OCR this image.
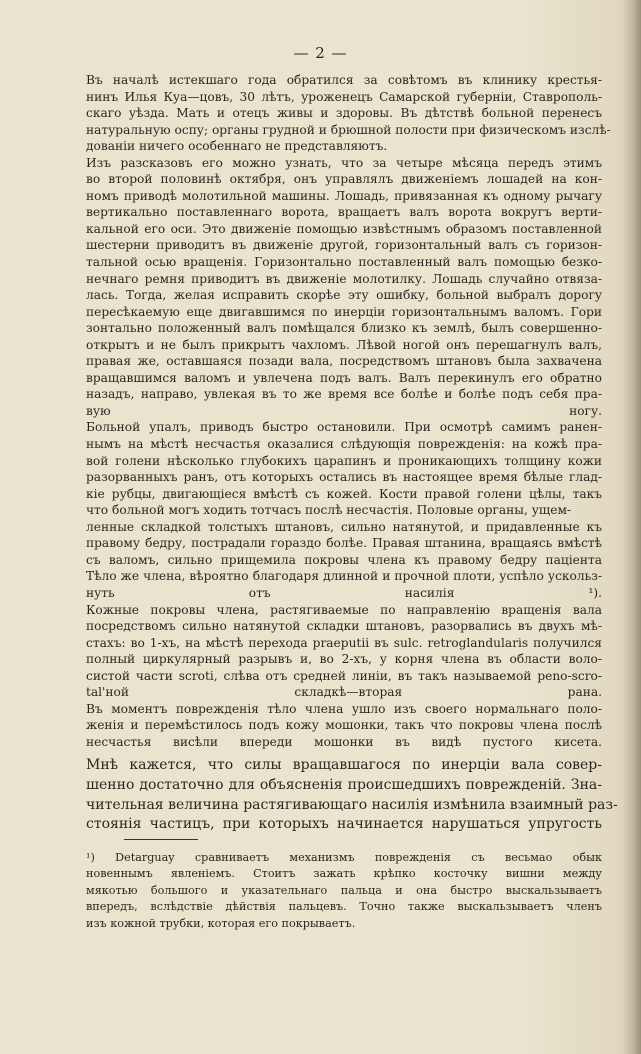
— 2 —

Въ началѣ истекшаго года обратился за совѣтомъ въ клинику крестья-
нинъ Илья Куа—цовъ, 30 лѣтъ, уроженецъ Самарской губерніи, Ставрополь-
скаго уѣзда. Мать и отецъ живы и здоровы. Въ дѣтствѣ больной перенесъ
натуральную оспу; органы грудной и брюшной полости при физическомъ изслѣ-
дованіи ничего особеннаго не представляютъ.

Изъ разсказовъ его можно узнать, что за четыре мѣсяца передъ этимъ
во второй половинѣ октября, онъ управлялъ движеніемъ лошадей на кон-
номъ приводѣ молотильной машины. Лошадь, привязанная къ одному рычагу
вертикально поставленнаго ворота, вращаетъ валъ ворота вокругъ верти-
кальной его оси. Это движеніе помощью извѣстнымъ образомъ поставленной
шестерни приводитъ въ движеніе другой, горизонтальный валъ съ горизон-
тальной осью вращенія. Горизонтально поставленный валъ помощью безко-
нечнаго ремня приводитъ въ движеніе молотилку. Лошадь случайно отвяза-
лась. Тогда, желая исправить скорѣе эту ошибку, больной выбралъ дорогу
пересѣкаемую еще двигавшимся по инерціи горизонтальнымъ валомъ. Гори
зонтально положенный валъ помѣщался близко къ землѣ, былъ совершенно-
открытъ и не былъ прикрытъ чахломъ. Лѣвой ногой онъ перешагнулъ валъ,
правая же, оставшаяся позади вала, посредствомъ штановъ была захвачена
вращавшимся валомъ и увлечена подъ валъ. Валъ перекинулъ его обратно
назадъ, направо, увлекая въ то же время все болѣе и болѣе подъ себя пра-
вую ногу.
Больной упалъ, приводъ быстро остановили. При осмотрѣ самимъ ранен-
нымъ на мѣстѣ несчастья оказалися слѣдующія поврежденія: на кожѣ пра-
вой голени нѣсколько глубокихъ царапинъ и проникающихъ толщину кожи
разорванныхъ ранъ, отъ которыхъ остались въ настоящее время бѣлые глад-
кіе рубцы, двигающіеся вмѣстѣ съ кожей. Кости правой голени цѣлы, такъ
что больной могъ ходить тотчасъ послѣ несчастія. Половые органы, ущем-

ленные складкой толстыхъ штановъ, сильно натянутой, и придавленные къ
правому бедру, пострадали гораздо болѣе. Правая штанина, вращаясь вмѣстѣ
съ валомъ, сильно прищемила покровы члена къ правому бедру паціента
Тѣло же члена, вѣроятно благодаря длинной и прочной плоти, успѣло ускольз-
нуть отъ насилія ¹).
Кожные покровы члена, растягиваемые по направленію вращенія вала
посредствомъ сильно натянутой складки штановъ, разорвались въ двухъ мѣ-
стахъ: во 1-хъ, на мѣстѣ перехода praeputii въ sulc. retroglandularis получился
полный циркулярный разрывъ и, во 2-хъ, у корня члена въ области воло-
систой части scroti, слѣва отъ средней линіи, въ такъ называемой peno-scro-
tal'ной складкѣ—вторая рана.

Въ моментъ поврежденія тѣло члена ушло изъ своего нормальнаго поло-
женія и перемѣстилось подъ кожу мошонки, такъ что покровы члена послѣ
несчастья висѣли впереди мошонки въ видѣ пустого кисета.

Мнѣ кажется, что силы вращавшагося по инерціи вала совер-
шенно достаточно для объясненія происшедшихъ поврежденій. Зна-
чительная величина растягивающаго насилія измѣнила взаимный раз-
стоянія частицъ, при которыхъ начинается нарушаться упругость

¹) Detarguay сравниваетъ механизмъ поврежденія съ весьмао обык
новеннымъ явленіемъ. Стоитъ зажать крѣпко косточку вишни между
мякотью большого и указательнаго пальца и она быстро выскальзываетъ
впередъ, вслѣдствіе дѣйствія пальцевъ. Точно также выскальзываетъ членъ
изъ кожной трубки, которая его покрываетъ.
